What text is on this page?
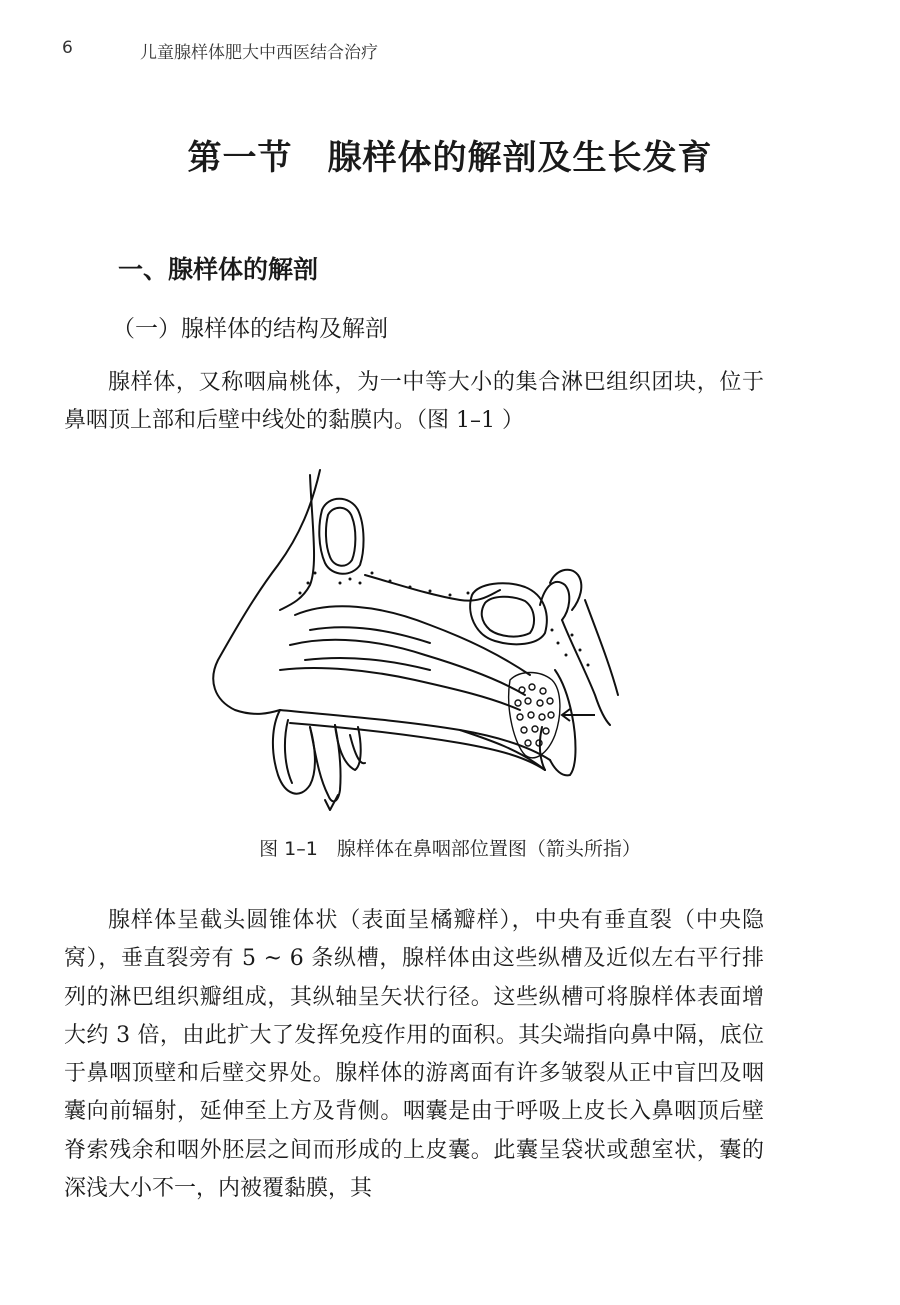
6	儿童腺样体肥大中西医结合治疗
第一节　腺样体的解剖及生长发育
一、腺样体的解剖
（一）腺样体的结构及解剖

腺样体，又称咽扁桃体，为一中等大小的集合淋巴组织团块，位于鼻咽顶上部和后壁中线处的黏膜内。（图 1–1 ）

图 1–1　腺样体在鼻咽部位置图（箭头所指）

腺样体呈截头圆锥体状（表面呈橘瓣样），中央有垂直裂（中央隐窝），垂直裂旁有 5 ~ 6 条纵槽，腺样体由这些纵槽及近似左右平行排列的淋巴组织瓣组成，其纵轴呈矢状行径。这些纵槽可将腺样体表面增大约 3 倍，由此扩大了发挥免疫作用的面积。其尖端指向鼻中隔，底位于鼻咽顶壁和后壁交界处。腺样体的游离面有许多皱裂从正中盲凹及咽囊向前辐射，延伸至上方及背侧。咽囊是由于呼吸上皮长入鼻咽顶后壁脊索残余和咽外胚层之间而形成的上皮囊。此囊呈袋状或憩室状，囊的深浅大小不一，内被覆黏膜，其
